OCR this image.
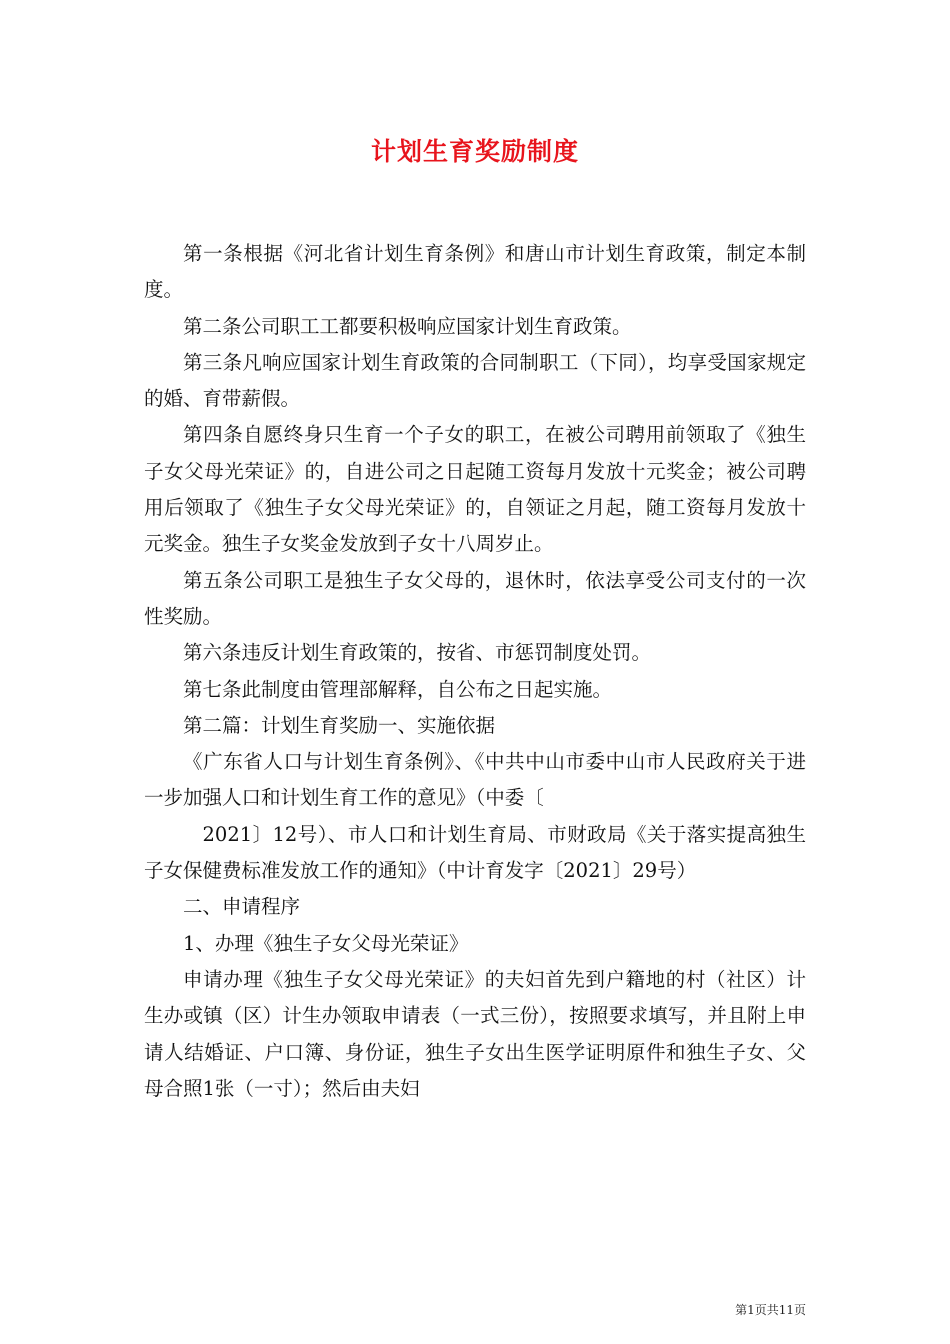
计划生育奖励制度

第一条根据《河北省计划生育条例》和唐山市计划生育政策，制定本制度。

第二条公司职工工都要积极响应国家计划生育政策。

第三条凡响应国家计划生育政策的合同制职工（下同），均享受国家规定的婚、育带薪假。

第四条自愿终身只生育一个子女的职工，在被公司聘用前领取了《独生子女父母光荣证》的，自进公司之日起随工资每月发放十元奖金；被公司聘用后领取了《独生子女父母光荣证》的，自领证之月起，随工资每月发放十元奖金。独生子女奖金发放到子女十八周岁止。

第五条公司职工是独生子女父母的，退休时，依法享受公司支付的一次性奖励。

第六条违反计划生育政策的，按省、市惩罚制度处罚。

第七条此制度由管理部解释，自公布之日起实施。

第二篇：计划生育奖励一、实施依据

《广东省人口与计划生育条例》、《中共中山市委中山市人民政府关于进一步加强人口和计划生育工作的意见》（中委〔

2021〕12号）、市人口和计划生育局、市财政局《关于落实提高独生子女保健费标准发放工作的通知》（中计育发字〔2021〕29号）

二、申请程序

1、办理《独生子女父母光荣证》

申请办理《独生子女父母光荣证》的夫妇首先到户籍地的村（社区）计生办或镇（区）计生办领取申请表（一式三份），按照要求填写，并且附上申请人结婚证、户口簿、身份证，独生子女出生医学证明原件和独生子女、父母合照1张（一寸）；然后由夫妇

第1页共11页
